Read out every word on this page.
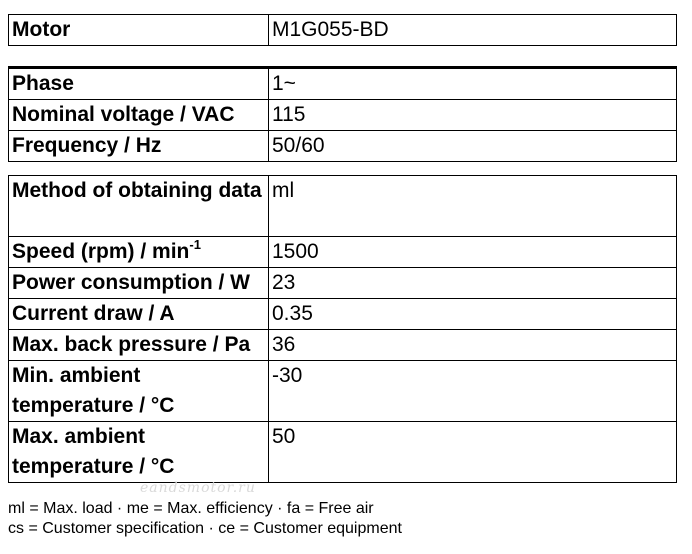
Motor	M1G055-BD
Phase	1~
Nominal voltage / VAC	115
Frequency / Hz	50/60
Method of obtaining data	ml
Speed $(rpm) / \min^{-1}$	1500
Power consumption / W	23
Current draw / A	0.35
Max. back pressure / Pa	36
Min. ambient temperature / °C	-30
Max. ambient temperature / °C	50
eandsmotor.ru
ml = Max. load · me = Max. efficiency · fa = Free air
cs = Customer specification · ce = Customer equipment
